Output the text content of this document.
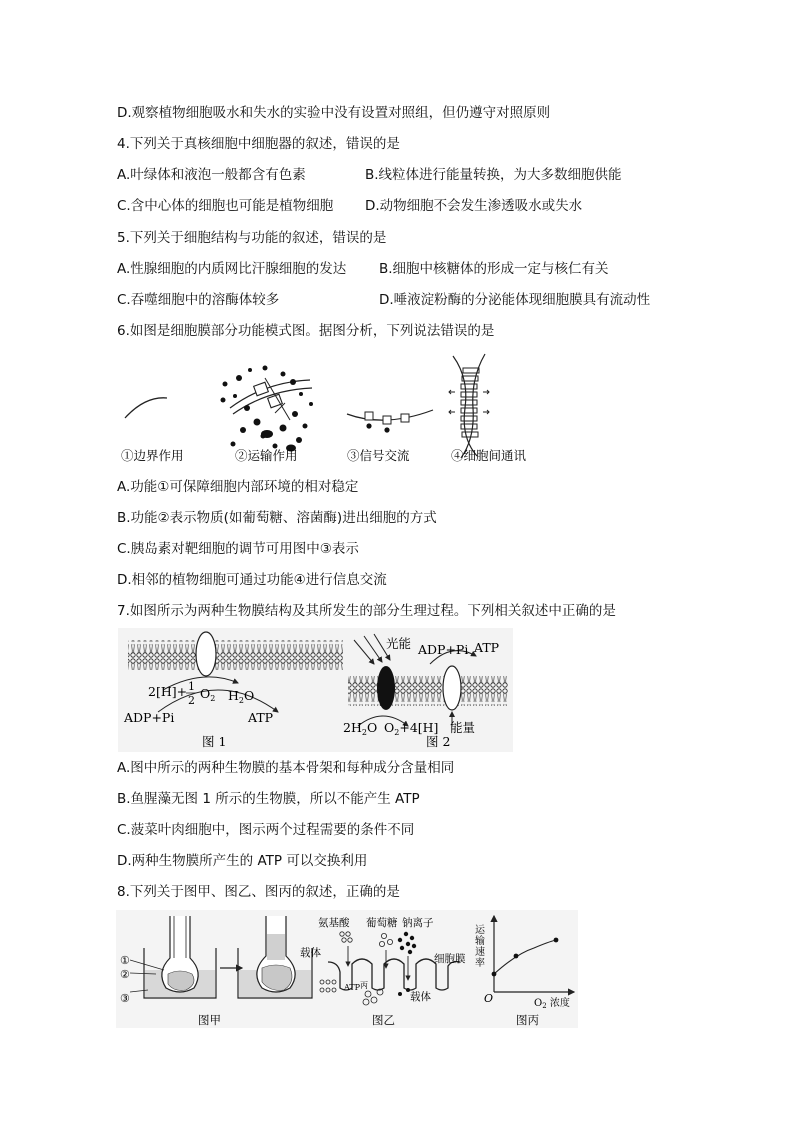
D.观察植物细胞吸水和失水的实验中没有设置对照组，但仍遵守对照原则
4.下列关于真核细胞中细胞器的叙述，错误的是
A.叶绿体和液泡一般都含有色素	B.线粒体进行能量转换，为大多数细胞供能
C.含中心体的细胞也可能是植物细胞 D.动物细胞不会发生渗透吸水或失水
5.下列关于细胞结构与功能的叙述，错误的是
A.性腺细胞的内质网比汗腺细胞的发达 B.细胞中核糖体的形成一定与核仁有关
C.吞噬细胞中的溶酶体较多	D.唾液淀粉酶的分泌能体现细胞膜具有流动性
6.如图是细胞膜部分功能模式图。据图分析，下列说法错误的是
①边界作用	②运输作用	③信号交流	④细胞间通讯
A.功能①可保障细胞内部环境的相对稳定
B.功能②表示物质(如葡萄糖、溶菌酶)进出细胞的方式
C.胰岛素对靶细胞的调节可用图中③表示
D.相邻的植物细胞可通过功能④进行信息交流
7.如图所示为两种生物膜结构及其所发生的部分生理过程。下列相关叙述中正确的是
2[H]+ 1
2 $O_2$ $H_2O$
ADP+Pi	ATP
图 1
光能 ADP+Pi ATP
$2H_2O$ $O_2+4[H]$ 能量
图 2
A.图中所示的两种生物膜的基本骨架和每种成分含量相同
B.鱼腥藻无图 1 所示的生物膜，所以不能产生 ATP
C.菠菜叶肉细胞中，图示两个过程需要的条件不同
D.两种生物膜所产生的 ATP 可以交换利用
8.下列关于图甲、图乙、图丙的叙述，正确的是
①
②
③
图甲
氨基酸 葡萄糖 钠离子
载体	细胞膜
ATP 丙
载体
图乙
运输速率
O	$O_2$ 浓度
图丙
